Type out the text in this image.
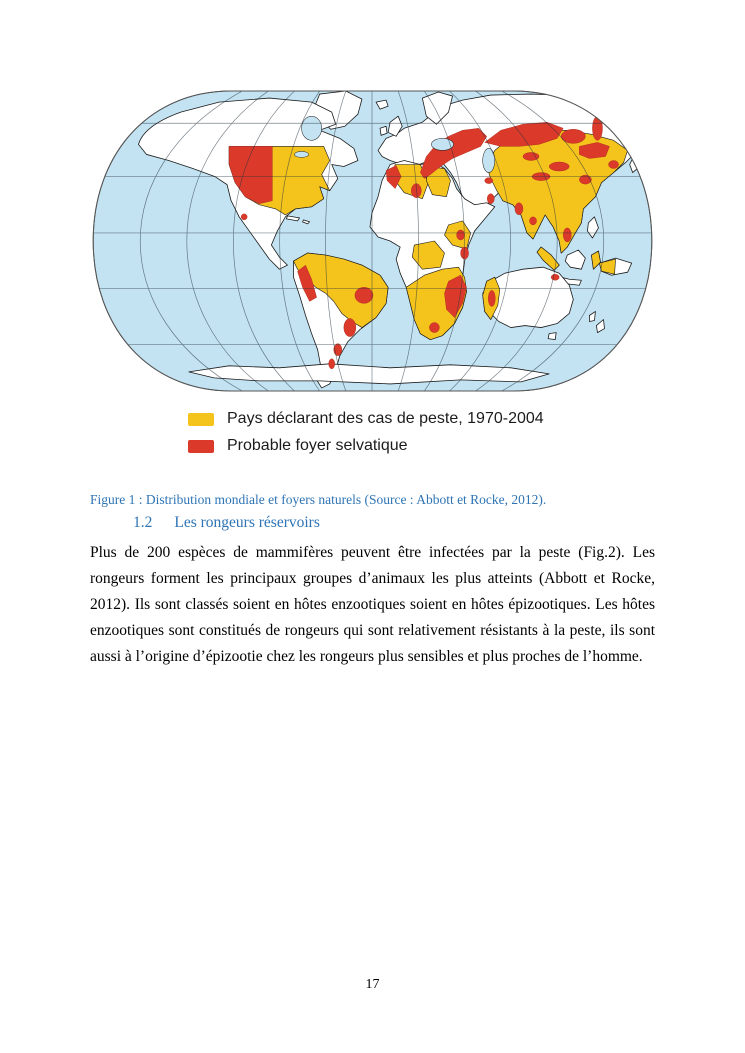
Pays déclarant des cas de peste, 1970-2004
Probable foyer selvatique
Figure 1 : Distribution mondiale et foyers naturels (Source : Abbott et Rocke, 2012).
1.2 Les rongeurs réservoirs
Plus de 200 espèces de mammifères peuvent être infectées par la peste (Fig.2). Les rongeurs forment les principaux groupes d’animaux les plus atteints (Abbott et Rocke, 2012). Ils sont classés soient en hôtes enzootiques soient en hôtes épizootiques. Les hôtes enzootiques sont constitués de rongeurs qui sont relativement résistants à la peste, ils sont aussi à l’origine d’épizootie chez les rongeurs plus sensibles et plus proches de l’homme.
17
